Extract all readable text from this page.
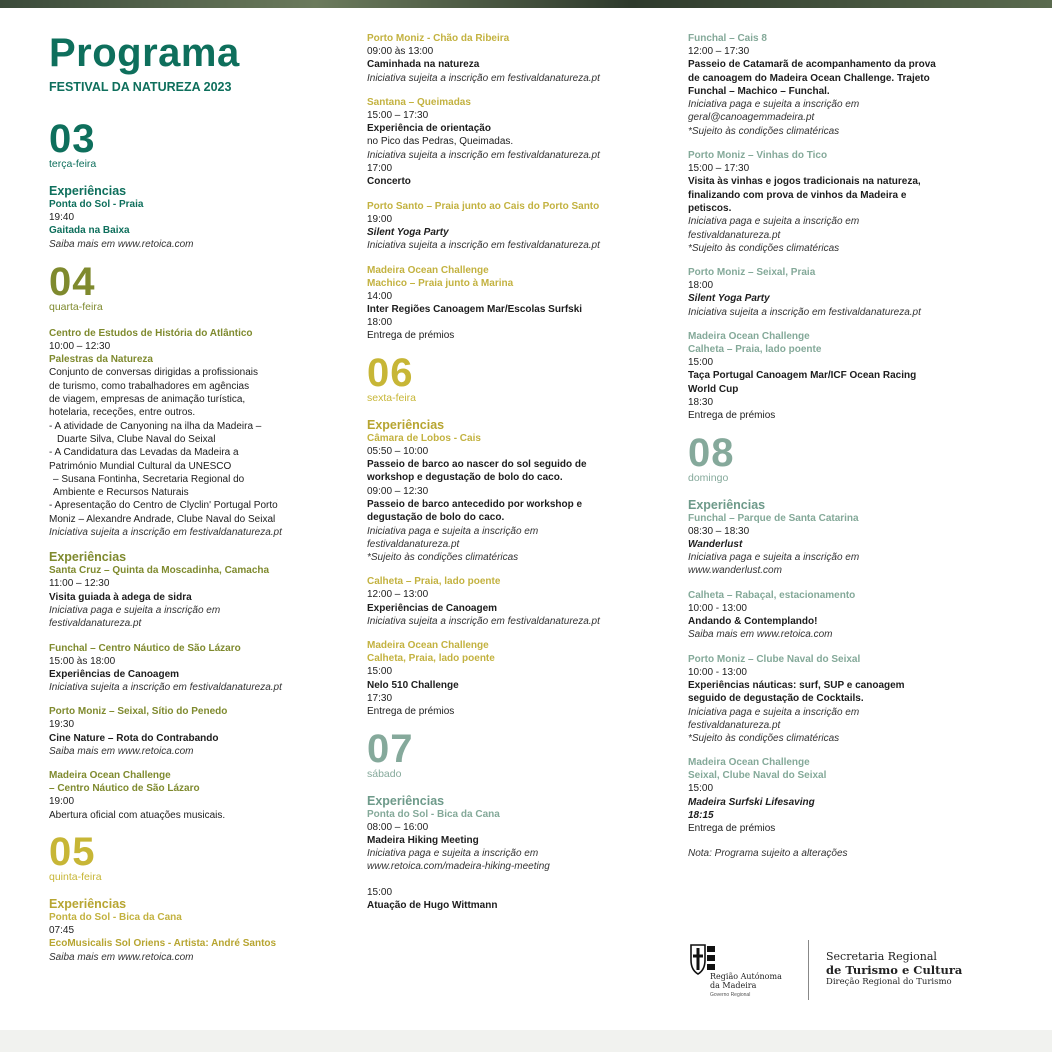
Programa
FESTIVAL DA NATUREZA 2023
03
terça-feira
Experiências
Ponta do Sol - Praia
19:40
Gaitada na Baixa
Saiba mais em www.retoica.com
04
quarta-feira
Centro de Estudos de História do Atlântico
10:00 – 12:30
Palestras da Natureza
Conjunto de conversas dirigidas a profissionais
de turismo, como trabalhadores em agências
de viagem, empresas de animação turística,
hotelaria, receções, entre outros.
- A atividade de Canyoning na ilha da Madeira –
Duarte Silva, Clube Naval do Seixal
- A Candidatura das Levadas da Madeira a
Património Mundial Cultural da UNESCO
– Susana Fontinha, Secretaria Regional do
Ambiente e Recursos Naturais
- Apresentação do Centro de Clyclin' Portugal Porto
Moniz – Alexandre Andrade, Clube Naval do Seixal
Iniciativa sujeita a inscrição em festivaldanatureza.pt
Experiências
Santa Cruz – Quinta da Moscadinha, Camacha
11:00 – 12:30
Visita guiada à adega de sidra
Iniciativa paga e sujeita a inscrição em
festivaldanatureza.pt
Funchal – Centro Náutico de São Lázaro
15:00 às 18:00
Experiências de Canoagem
Iniciativa sujeita a inscrição em festivaldanatureza.pt
Porto Moniz – Seixal, Sítio do Penedo
19:30
Cine Nature – Rota do Contrabando
Saiba mais em www.retoica.com
Madeira Ocean Challenge
– Centro Náutico de São Lázaro
19:00
Abertura oficial com atuações musicais.
05
quinta-feira
Experiências
Ponta do Sol - Bica da Cana
07:45
EcoMusicalis Sol Oriens - Artista: André Santos
Saiba mais em www.retoica.com
Porto Moniz - Chão da Ribeira
09:00 às 13:00
Caminhada na natureza
Iniciativa sujeita a inscrição em festivaldanatureza.pt
Santana – Queimadas
15:00 – 17:30
Experiência de orientação
no Pico das Pedras, Queimadas.
Iniciativa sujeita a inscrição em festivaldanatureza.pt
17:00
Concerto
Porto Santo – Praia junto ao Cais do Porto Santo
19:00
Silent Yoga Party
Iniciativa sujeita a inscrição em festivaldanatureza.pt
Madeira Ocean Challenge
Machico – Praia junto à Marina
14:00
Inter Regiões Canoagem Mar/Escolas Surfski
18:00
Entrega de prémios
06
sexta-feira
Experiências
Câmara de Lobos - Cais
05:50 – 10:00
Passeio de barco ao nascer do sol seguido de
workshop e degustação de bolo do caco.
09:00 – 12:30
Passeio de barco antecedido por workshop e
degustação de bolo do caco.
Iniciativa paga e sujeita a inscrição em
festivaldanatureza.pt
*Sujeito às condições climatéricas
Calheta – Praia, lado poente
12:00 – 13:00
Experiências de Canoagem
Iniciativa sujeita a inscrição em festivaldanatureza.pt
Madeira Ocean Challenge
Calheta, Praia, lado poente
15:00
Nelo 510 Challenge
17:30
Entrega de prémios
07
sábado
Experiências
Ponta do Sol - Bica da Cana
08:00 – 16:00
Madeira Hiking Meeting
Iniciativa paga e sujeita a inscrição em
www.retoica.com/madeira-hiking-meeting
15:00
Atuação de Hugo Wittmann
Funchal – Cais 8
12:00 – 17:30
Passeio de Catamarã de acompanhamento da prova
de canoagem do Madeira Ocean Challenge. Trajeto
Funchal – Machico – Funchal.
Iniciativa paga e sujeita a inscrição em
geral@canoagemmadeira.pt
*Sujeito às condições climatéricas
Porto Moniz – Vinhas do Tico
15:00 – 17:30
Visita às vinhas e jogos tradicionais na natureza,
finalizando com prova de vinhos da Madeira e
petiscos.
Iniciativa paga e sujeita a inscrição em
festivaldanatureza.pt
*Sujeito às condições climatéricas
Porto Moniz – Seixal, Praia
18:00
Silent Yoga Party
Iniciativa sujeita a inscrição em festivaldanatureza.pt
Madeira Ocean Challenge
Calheta – Praia, lado poente
15:00
Taça Portugal Canoagem Mar/ICF Ocean Racing
World Cup
18:30
Entrega de prémios
08
domingo
Experiências
Funchal – Parque de Santa Catarina
08:30 – 18:30
Wanderlust
Iniciativa paga e sujeita a inscrição em
www.wanderlust.com
Calheta – Rabaçal, estacionamento
10:00 - 13:00
Andando & Contemplando!
Saiba mais em www.retoica.com
Porto Moniz – Clube Naval do Seixal
10:00 - 13:00
Experiências náuticas: surf, SUP e canoagem
seguido de degustação de Cocktails.
Iniciativa paga e sujeita a inscrição em
festivaldanatureza.pt
*Sujeito às condições climatéricas
Madeira Ocean Challenge
Seixal, Clube Naval do Seixal
15:00
Madeira Surfski Lifesaving
18:15
Entrega de prémios
Nota: Programa sujeito a alterações
Região Autónoma
da Madeira
Governo Regional
Secretaria Regional
de Turismo e Cultura
Direção Regional do Turismo
